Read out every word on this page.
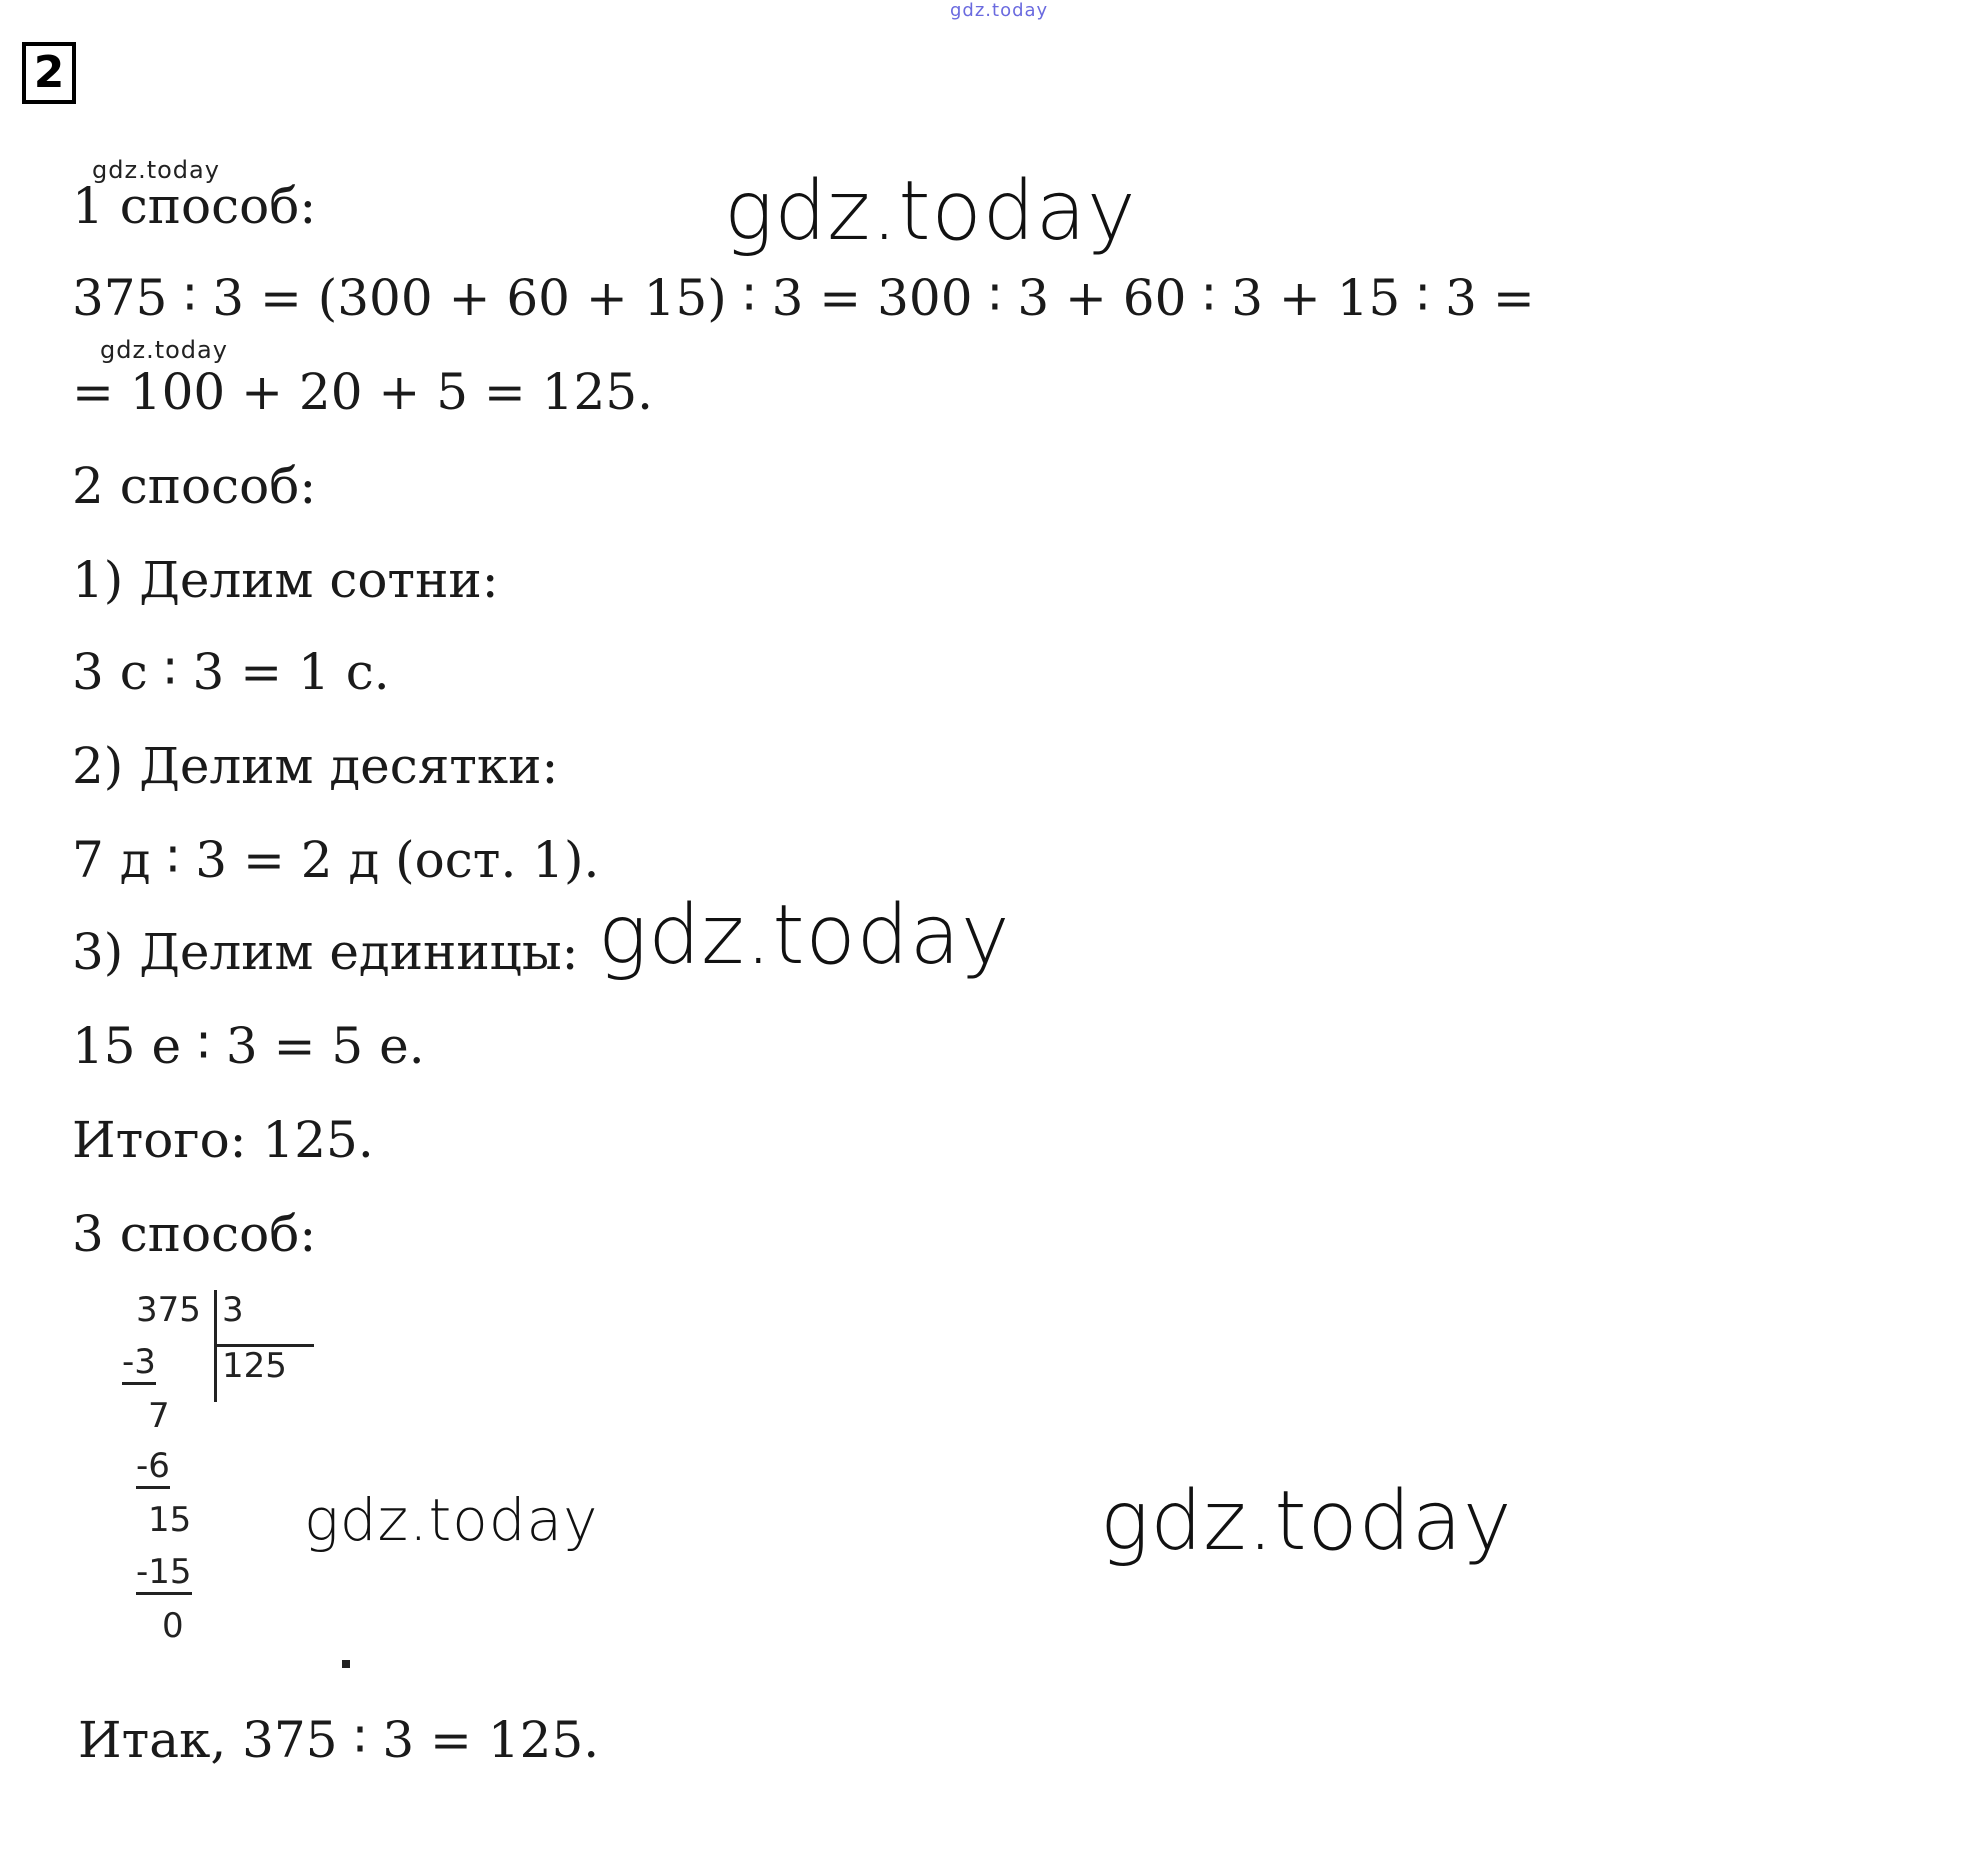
gdz.today
2
gdz.today
gdz.today
1 способ:
375 ∶ 3 = (300 + 60 + 15) ∶ 3 = 300 ∶ 3 + 60 ∶ 3 + 15 ∶ 3 =
= 100 + 20 + 5 = 125.
2 способ:
1) Делим сотни:
3 с ∶ 3 = 1 с.
2) Делим десятки:
7 д ∶ 3 = 2 д (ост. 1).
3) Делим единицы:
15 е ∶ 3 = 5 е.
Итого: 125.
3 способ:
gdz.today
gdz.today
gdz.today	gdz.today
375 3
125
-3
7
-6
15
-15
0
Итак, 375 ∶ 3 = 125.
